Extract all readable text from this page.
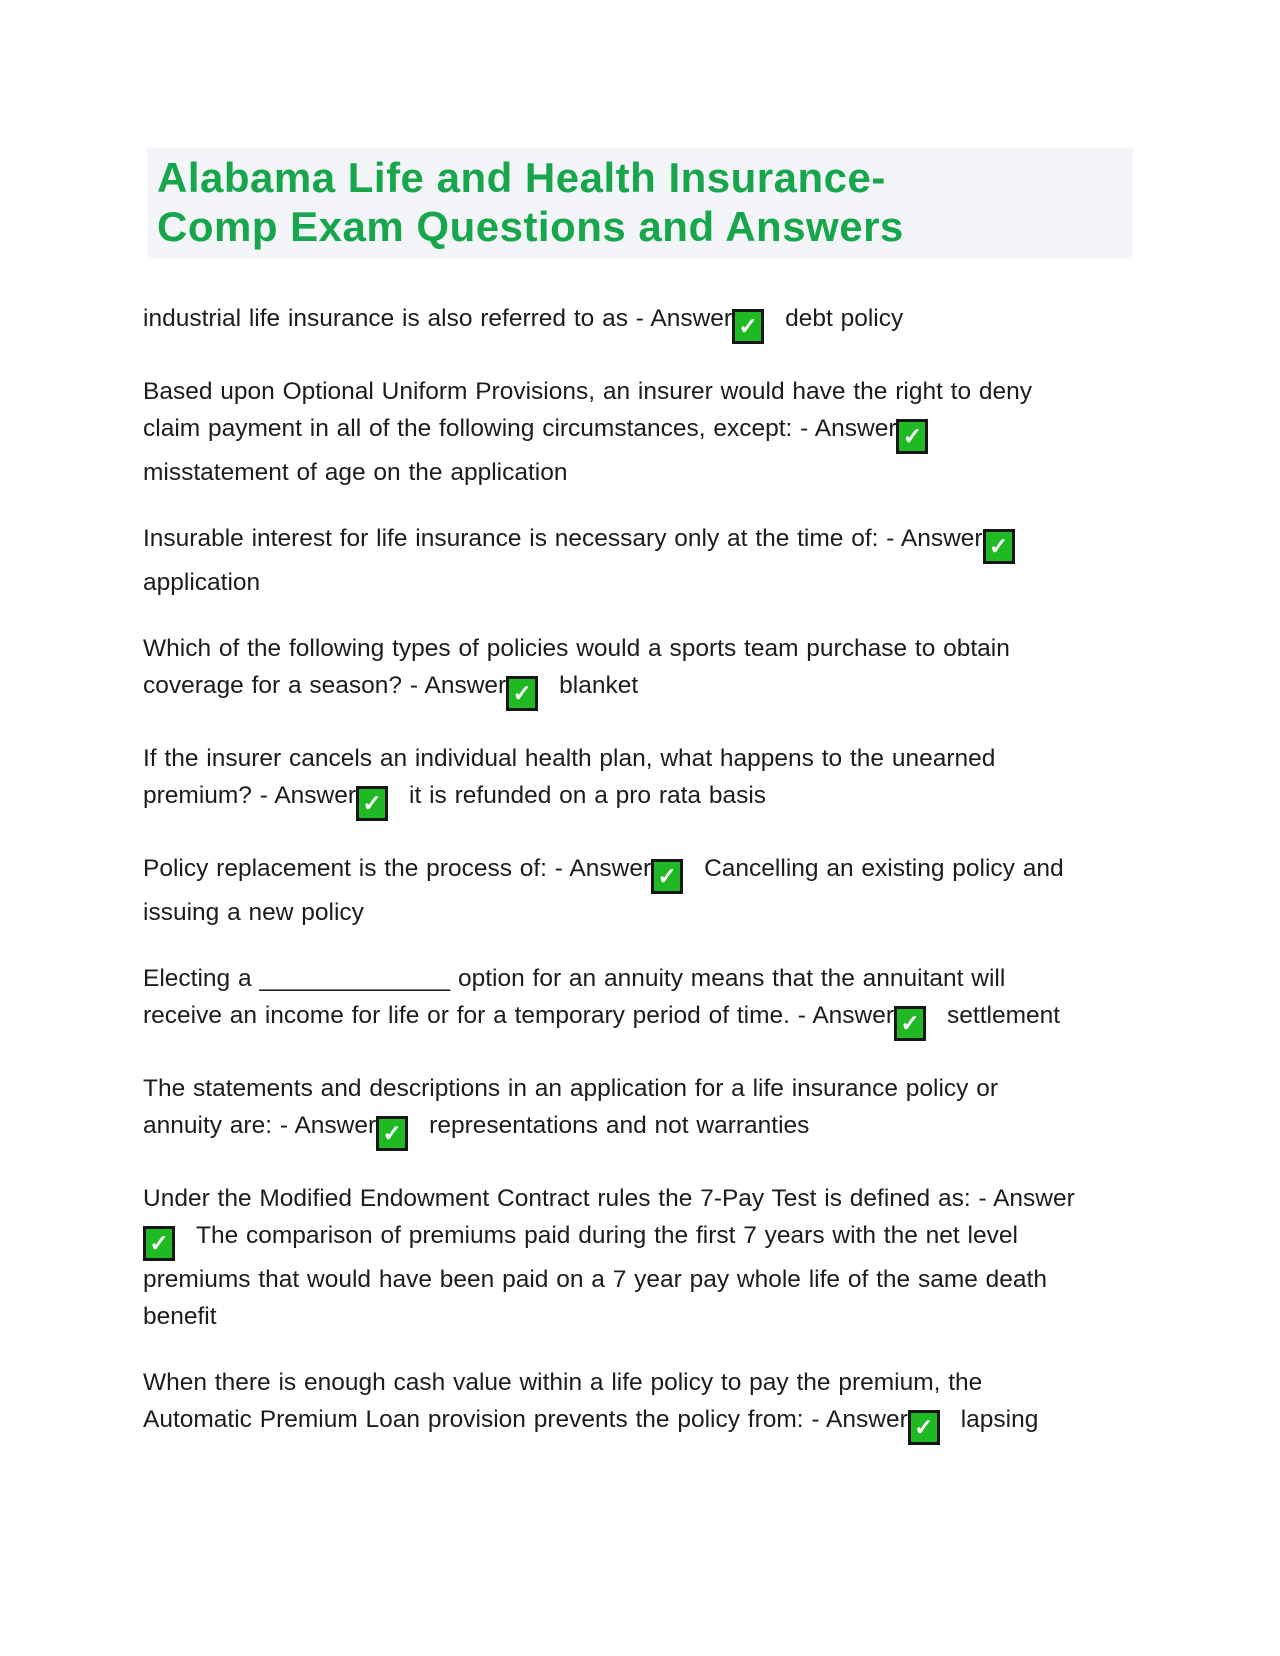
Alabama Life and Health Insurance-
Comp Exam Questions and Answers

industrial life insurance is also referred to as - Answer ✓ debt policy

Based upon Optional Uniform Provisions, an insurer would have the right to deny claim payment in all of the following circumstances, except: - Answer ✓misstatement of age on the application

Insurable interest for life insurance is necessary only at the time of: - Answer ✓application

Which of the following types of policies would a sports team purchase to obtain coverage for a season? - Answer ✓ blanket

If the insurer cancels an individual health plan, what happens to the unearned premium? - Answer ✓ it is refunded on a pro rata basis

Policy replacement is the process of: - Answer ✓ Cancelling an existing policy and issuing a new policy

Electing a ______________ option for an annuity means that the annuitant will receive an income for life or for a temporary period of time. - Answer ✓ settlement

The statements and descriptions in an application for a life insurance policy or annuity are: - Answer ✓ representations and not warranties

Under the Modified Endowment Contract rules the 7-Pay Test is defined as: - Answer✓ The comparison of premiums paid during the first 7 years with the net level premiums that would have been paid on a 7 year pay whole life of the same death benefit

When there is enough cash value within a life policy to pay the premium, the Automatic Premium Loan provision prevents the policy from: - Answer ✓ lapsing
